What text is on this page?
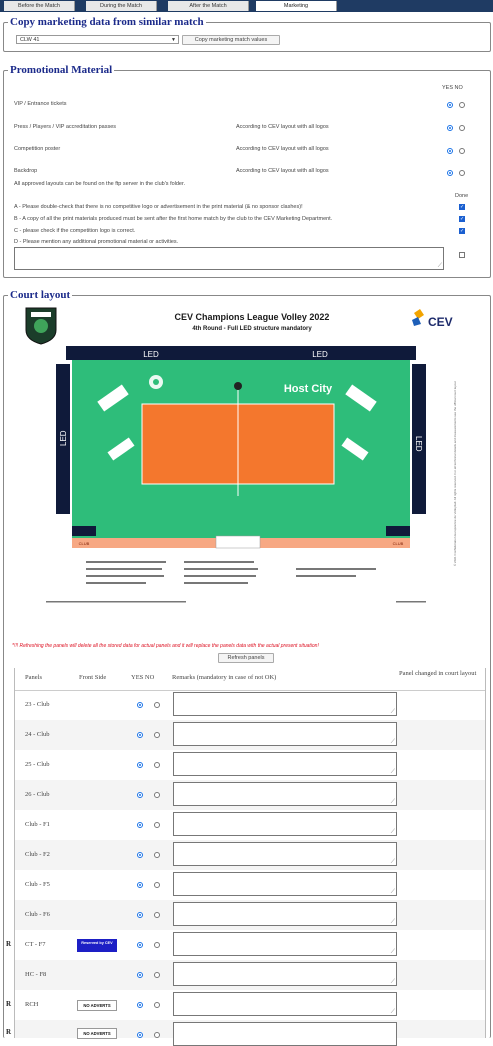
Before the Match	During the Match	After the Match	Marketing
Copy marketing data from similar match
CLW 41	▼	Copy marketing match values
Promotional Material
YES NO
VIP / Entrance tickets
Press / Players / VIP accreditation passes	According to CEV layout with all logos
Competition poster	According to CEV layout with all logos
Backdrop	According to CEV layout with all logos
All approved layouts can be found on the ftp server in the club's folder.
Done
A - Please double-check that there is no competitive logo or advertisement in the print material (& no sponsor clashes)!	✓
B - A copy of all the print materials produced must be sent after the first home match by the club to the CEV Marketing Department.	✓
C - please check if the competition logo is correct.	✓
D - Please mention any additional promotional material or activities.
⟋
Court layout
CEV Champions League Volley 2022
4th Round - Full LED structure mandatory	CEV
LED	LED
LED	LED
Host City
CLUB	CLUB	© 2021 Confédération Européenne de Volleyball. All rights reserved. For all technical details and measurements see the official court layout
*!!! Refreshing the panels will delete all the stored data for actual panels and it will replace the panels data with the actual present situation!
Refresh panels
Panels	Front Side	YES NO	Remarks (mandatory in case of not OK)
Panel changed in court layout
23 - Club
⟋
24 - Club
⟋
25 - Club
⟋
26 - Club
⟋
Club - F1
⟋
Club - F2
⟋
Club - F5
⟋
Club - F6
⟋
R CT - F7	Reserved by CEV
⟋
HC - F8
⟋
R RCH	NO ADVERTS
⟋
R	NO ADVERTS
